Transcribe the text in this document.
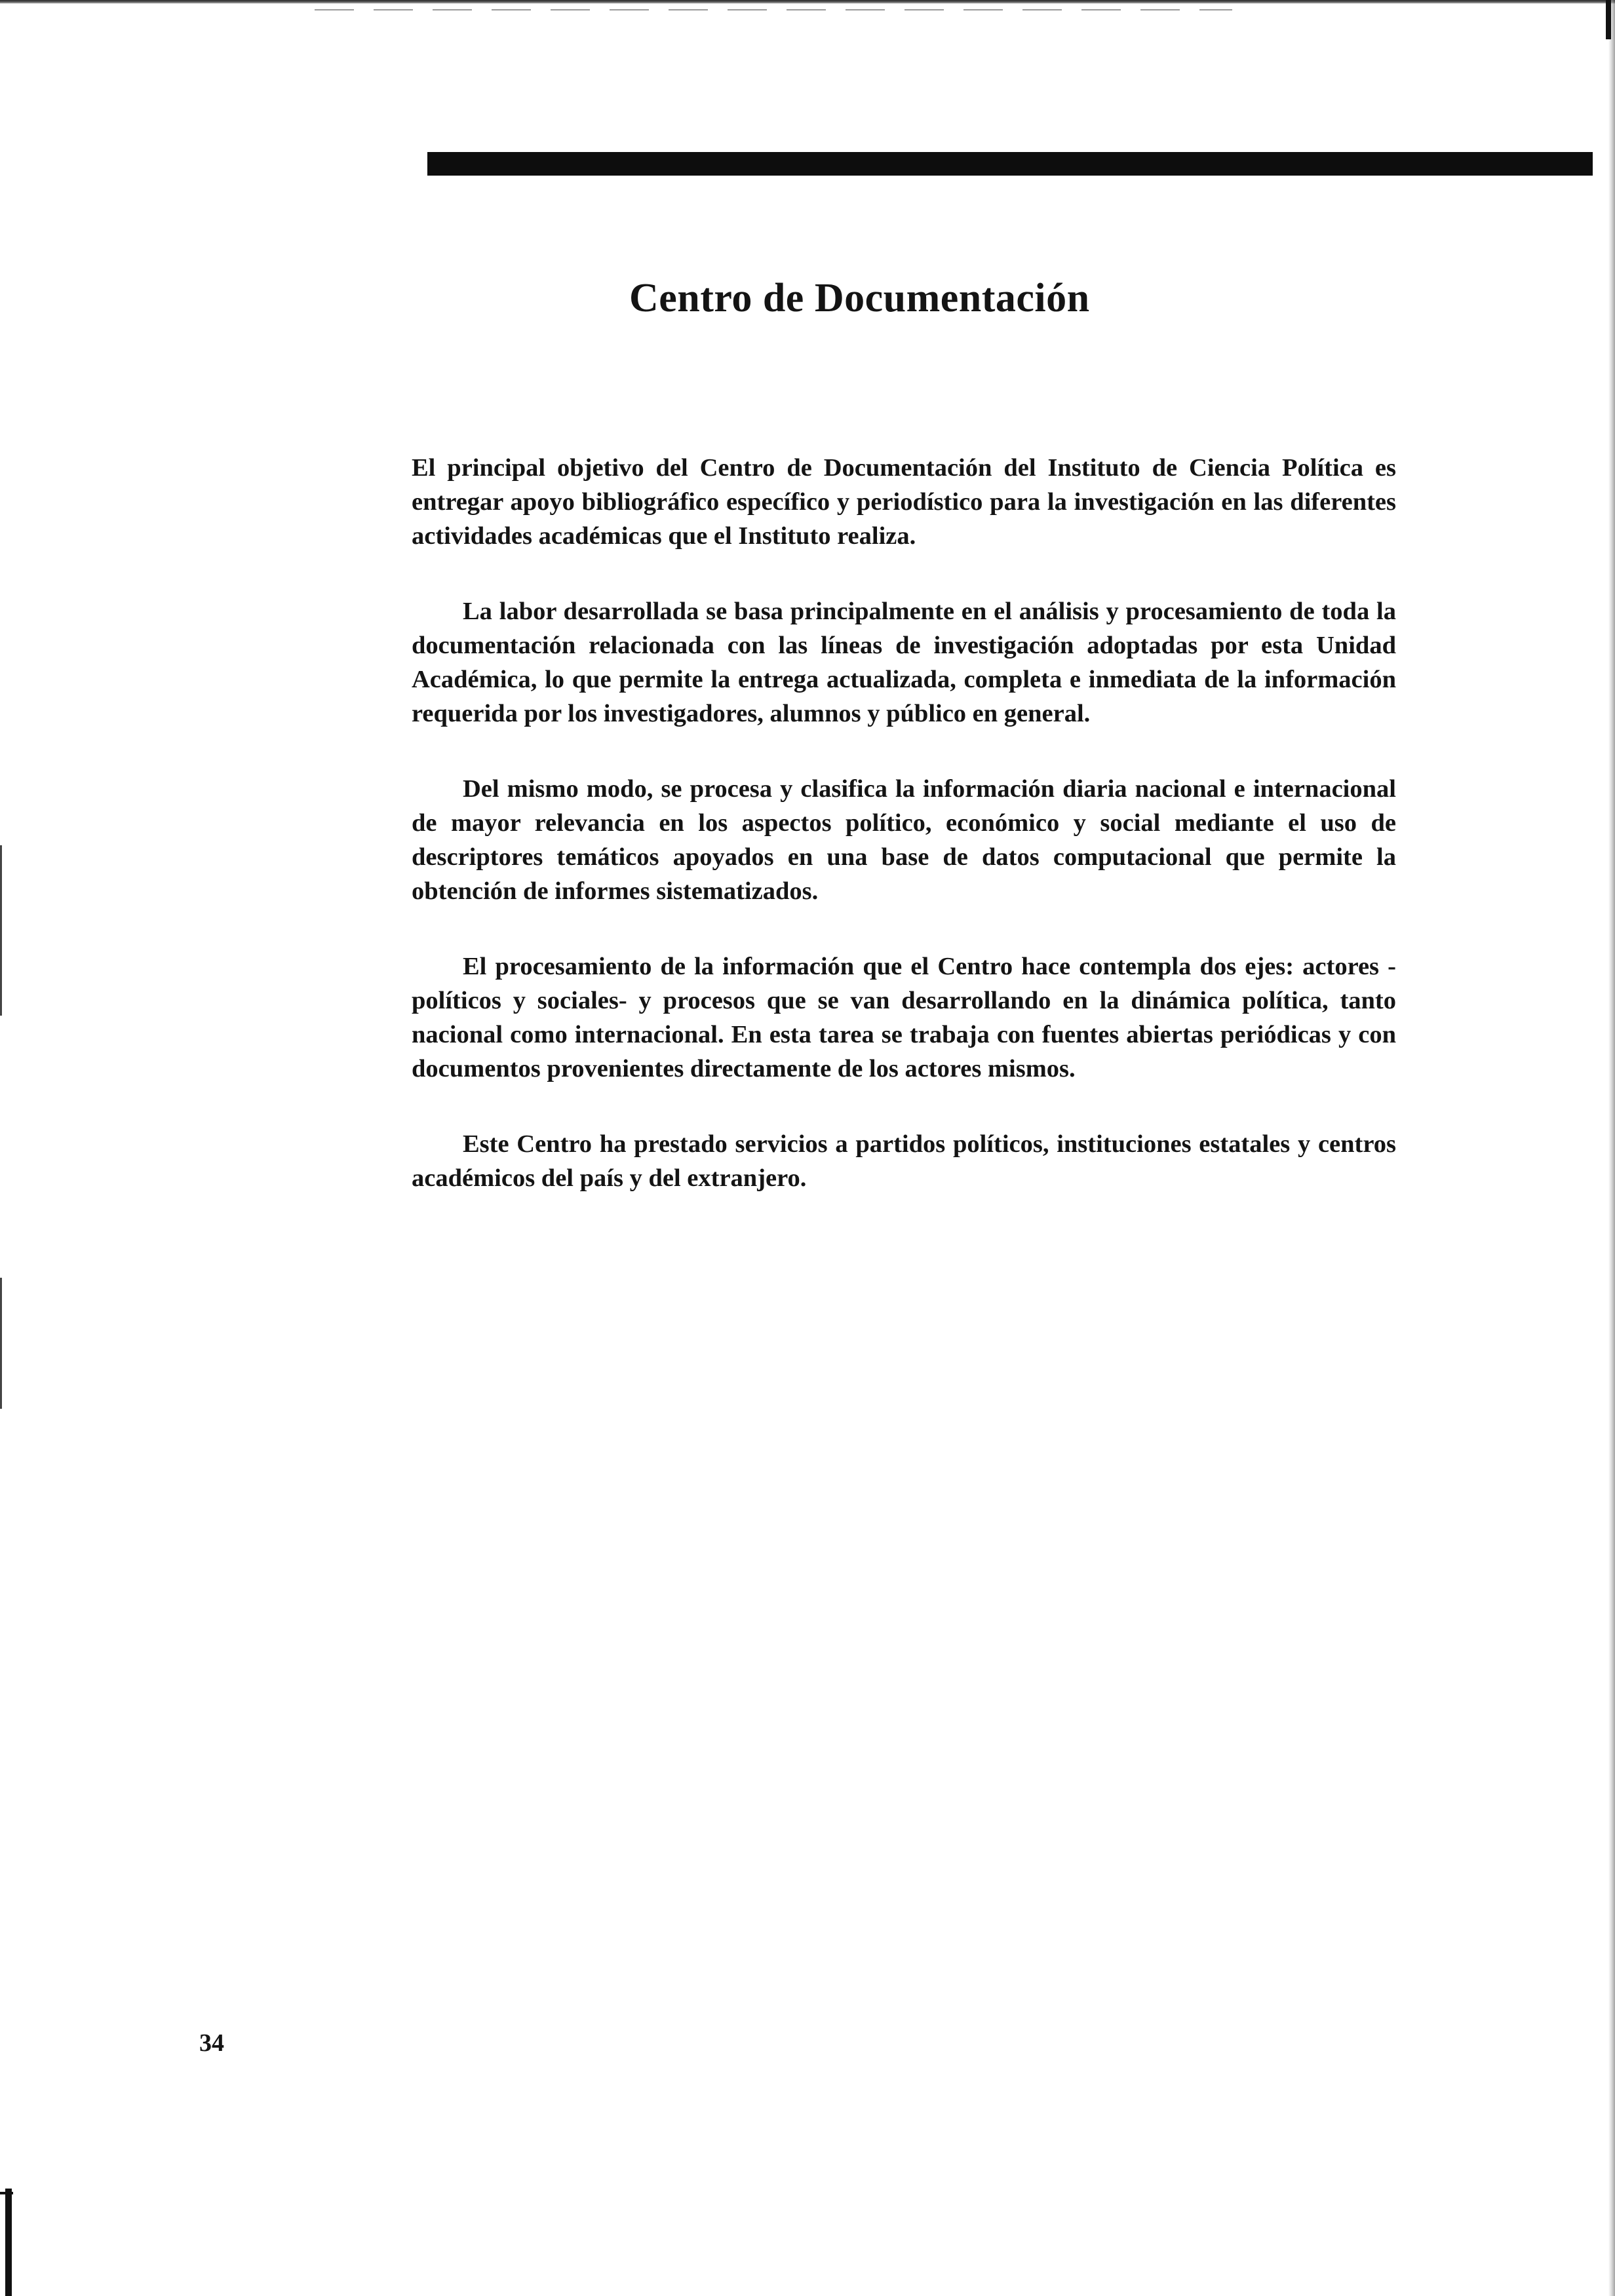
Centro de Documentación

El principal objetivo del Centro de Documentación del Instituto de Ciencia Política es entregar apoyo bibliográfico específico y periodístico para la investigación en las diferentes actividades académicas que el Instituto realiza.

La labor desarrollada se basa principalmente en el análisis y procesamiento de toda la documentación relacionada con las líneas de investigación adoptadas por esta Unidad Académica, lo que permite la entrega actualizada, completa e inmediata de la información requerida por los investigadores, alumnos y público en general.

Del mismo modo, se procesa y clasifica la información diaria nacional e internacional de mayor relevancia en los aspectos político, económico y social mediante el uso de descriptores temáticos apoyados en una base de datos computacional que permite la obtención de informes sistematizados.

El procesamiento de la información que el Centro hace contempla dos ejes: actores -políticos y sociales- y procesos que se van desarrollando en la dinámica política, tanto nacional como internacional. En esta tarea se trabaja con fuentes abiertas periódicas y con documentos provenientes directamente de los actores mismos.

Este Centro ha prestado servicios a partidos políticos, instituciones estatales y centros académicos del país y del extranjero.

34
